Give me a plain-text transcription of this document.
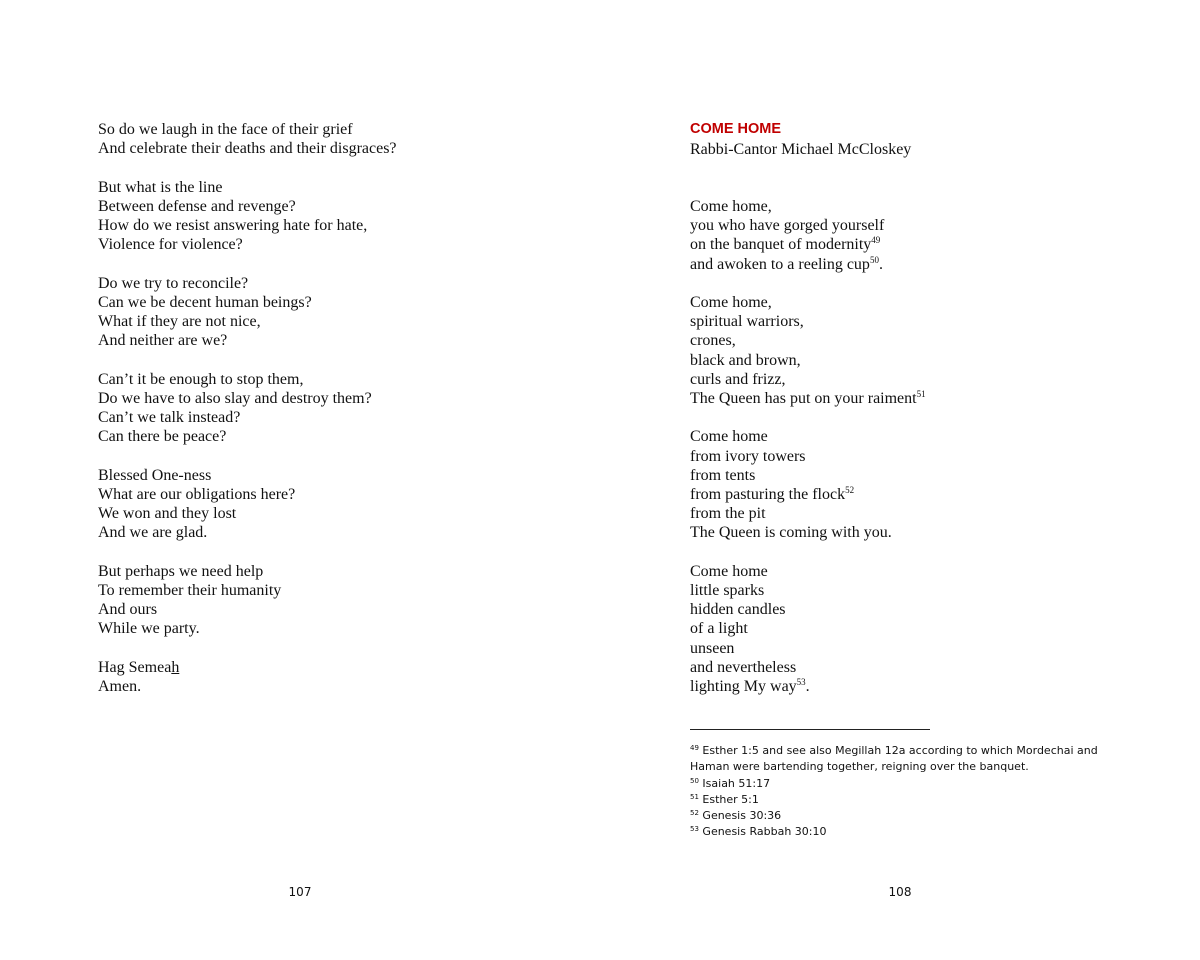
So do we laugh in the face of their grief
And celebrate their deaths and their disgraces?
But what is the line
Between defense and revenge?
How do we resist answering hate for hate,
Violence for violence?
Do we try to reconcile?
Can we be decent human beings?
What if they are not nice,
And neither are we?
Can’t it be enough to stop them,
Do we have to also slay and destroy them?
Can’t we talk instead?
Can there be peace?
Blessed One-ness
What are our obligations here?
We won and they lost
And we are glad.
But perhaps we need help
To remember their humanity
And ours
While we party.
Hag Semeah
Amen.
107
COME HOME
Rabbi-Cantor Michael McCloskey
Come home,
you who have gorged yourself
on the banquet of modernity$^{49}$
and awoken to a reeling cup$^{50}$.
Come home,
spiritual warriors,
crones,
black and brown,
curls and frizz,
The Queen has put on your raiment$^{51}$
Come home
from ivory towers
from tents
from pasturing the flock$^{52}$
from the pit
The Queen is coming with you.
Come home
little sparks
hidden candles
of a light
unseen
and nevertheless
lighting My way$^{53}$.
$^{49}$ Esther 1:5 and see also Megillah 12a according to which Mordechai and Haman were bartending together, reigning over the banquet.
$^{50}$ Isaiah 51:17
$^{51}$ Esther 5:1
$^{52}$ Genesis 30:36
$^{53}$ Genesis Rabbah 30:10
108
